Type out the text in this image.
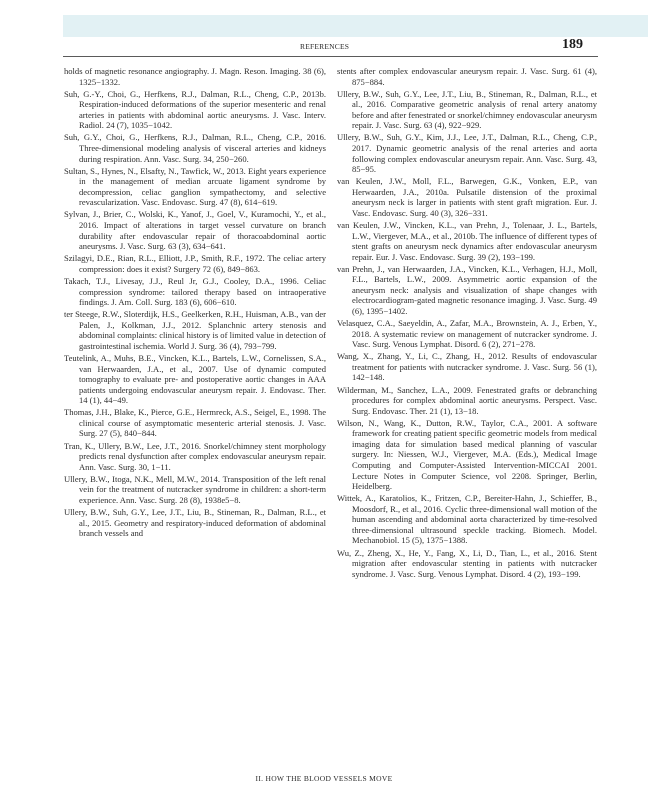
REFERENCES	189

holds of magnetic resonance angiography. J. Magn. Reson. Imaging. 38 (6), 1325−1332.

Suh, G.-Y., Choi, G., Herfkens, R.J., Dalman, R.L., Cheng, C.P., 2013b. Respiration-induced deformations of the superior mesenteric and renal arteries in patients with abdominal aortic aneurysms. J. Vasc. Interv. Radiol. 24 (7), 1035−1042.

Suh, G.Y., Choi, G., Herfkens, R.J., Dalman, R.L., Cheng, C.P., 2016. Three-dimensional modeling analysis of visceral arteries and kidneys during respiration. Ann. Vasc. Surg. 34, 250−260.

Sultan, S., Hynes, N., Elsafty, N., Tawfick, W., 2013. Eight years experience in the management of median arcuate ligament syndrome by decompression, celiac ganglion sympathectomy, and selective revascularization. Vasc. Endovasc. Surg. 47 (8), 614−619.

Sylvan, J., Brier, C., Wolski, K., Yanof, J., Goel, V., Kuramochi, Y., et al., 2016. Impact of alterations in target vessel curvature on branch durability after endovascular repair of thoracoabdominal aortic aneurysms. J. Vasc. Surg. 63 (3), 634−641.

Szilagyi, D.E., Rian, R.L., Elliott, J.P., Smith, R.F., 1972. The celiac artery compression: does it exist? Surgery 72 (6), 849−863.

Takach, T.J., Livesay, J.J., Reul Jr, G.J., Cooley, D.A., 1996. Celiac compression syndrome: tailored therapy based on intraoperative findings. J. Am. Coll. Surg. 183 (6), 606−610.

ter Steege, R.W., Sloterdijk, H.S., Geelkerken, R.H., Huisman, A.B., van der Palen, J., Kolkman, J.J., 2012. Splanchnic artery stenosis and abdominal complaints: clinical history is of limited value in detection of gastrointestinal ischemia. World J. Surg. 36 (4), 793−799.

Teutelink, A., Muhs, B.E., Vincken, K.L., Bartels, L.W., Cornelissen, S.A., van Herwaarden, J.A., et al., 2007. Use of dynamic computed tomography to evaluate pre- and postoperative aortic changes in AAA patients undergoing endovascular aneurysm repair. J. Endovasc. Ther. 14 (1), 44−49.

Thomas, J.H., Blake, K., Pierce, G.E., Hermreck, A.S., Seigel, E., 1998. The clinical course of asymptomatic mesenteric arterial stenosis. J. Vasc. Surg. 27 (5), 840−844.

Tran, K., Ullery, B.W., Lee, J.T., 2016. Snorkel/chimney stent morphology predicts renal dysfunction after complex endovascular aneurysm repair. Ann. Vasc. Surg. 30, 1−11.

Ullery, B.W., Itoga, N.K., Mell, M.W., 2014. Transposition of the left renal vein for the treatment of nutcracker syndrome in children: a short-term experience. Ann. Vasc. Surg. 28 (8), 1938e5−8.

Ullery, B.W., Suh, G.Y., Lee, J.T., Liu, B., Stineman, R., Dalman, R.L., et al., 2015. Geometry and respiratory-induced deformation of abdominal branch vessels and

stents after complex endovascular aneurysm repair. J. Vasc. Surg. 61 (4), 875−884.

Ullery, B.W., Suh, G.Y., Lee, J.T., Liu, B., Stineman, R., Dalman, R.L., et al., 2016. Comparative geometric analysis of renal artery anatomy before and after fenestrated or snorkel/chimney endovascular aneurysm repair. J. Vasc. Surg. 63 (4), 922−929.

Ullery, B.W., Suh, G.Y., Kim, J.J., Lee, J.T., Dalman, R.L., Cheng, C.P., 2017. Dynamic geometric analysis of the renal arteries and aorta following complex endovascular aneurysm repair. Ann. Vasc. Surg. 43, 85−95.

van Keulen, J.W., Moll, F.L., Barwegen, G.K., Vonken, E.P., van Herwaarden, J.A., 2010a. Pulsatile distension of the proximal aneurysm neck is larger in patients with stent graft migration. Eur. J. Vasc. Endovasc. Surg. 40 (3), 326−331.

van Keulen, J.W., Vincken, K.L., van Prehn, J., Tolenaar, J. L., Bartels, L.W., Viergever, M.A., et al., 2010b. The influence of different types of stent grafts on aneurysm neck dynamics after endovascular aneurysm repair. Eur. J. Vasc. Endovasc. Surg. 39 (2), 193−199.

van Prehn, J., van Herwaarden, J.A., Vincken, K.L., Verhagen, H.J., Moll, F.L., Bartels, L.W., 2009. Asymmetric aortic expansion of the aneurysm neck: analysis and visualization of shape changes with electrocardiogram-gated magnetic resonance imaging. J. Vasc. Surg. 49 (6), 1395−1402.

Velasquez, C.A., Saeyeldin, A., Zafar, M.A., Brownstein, A. J., Erben, Y., 2018. A systematic review on management of nutcracker syndrome. J. Vasc. Surg. Venous Lymphat. Disord. 6 (2), 271−278.

Wang, X., Zhang, Y., Li, C., Zhang, H., 2012. Results of endovascular treatment for patients with nutcracker syndrome. J. Vasc. Surg. 56 (1), 142−148.

Wilderman, M., Sanchez, L.A., 2009. Fenestrated grafts or debranching procedures for complex abdominal aortic aneurysms. Perspect. Vasc. Surg. Endovasc. Ther. 21 (1), 13−18.

Wilson, N., Wang, K., Dutton, R.W., Taylor, C.A., 2001. A software framework for creating patient specific geometric models from medical imaging data for simulation based medical planning of vascular surgery. In: Niessen, W.J., Viergever, M.A. (Eds.), Medical Image Computing and Computer-Assisted Intervention-MICCAI 2001. Lecture Notes in Computer Science, vol 2208. Springer, Berlin, Heidelberg.

Wittek, A., Karatolios, K., Fritzen, C.P., Bereiter-Hahn, J., Schieffer, B., Moosdorf, R., et al., 2016. Cyclic three-dimensional wall motion of the human ascending and abdominal aorta characterized by time-resolved three-dimensional ultrasound speckle tracking. Biomech. Model. Mechanobiol. 15 (5), 1375−1388.

Wu, Z., Zheng, X., He, Y., Fang, X., Li, D., Tian, L., et al., 2016. Stent migration after endovascular stenting in patients with nutcracker syndrome. J. Vasc. Surg. Venous Lymphat. Disord. 4 (2), 193−199.

II. HOW THE BLOOD VESSELS MOVE
